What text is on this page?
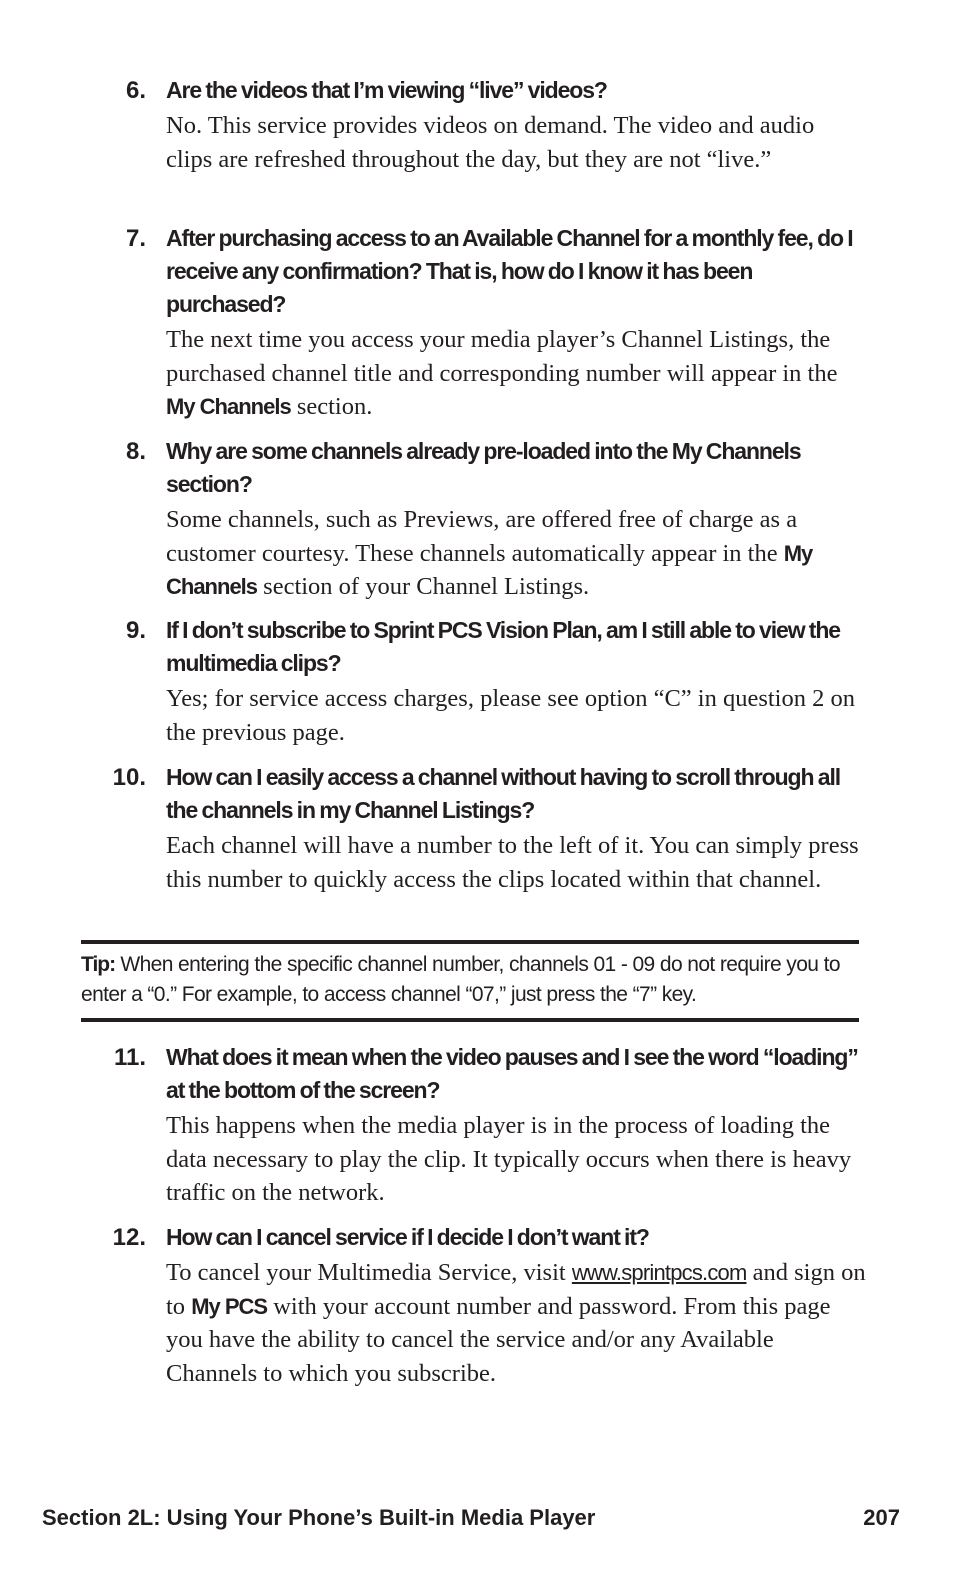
6. Are the videos that I’m viewing “live” videos?
No. This service provides videos on demand. The video and audio clips are refreshed throughout the day, but they are not “live.”
7. After purchasing access to an Available Channel for a monthly fee, do I receive any confirmation? That is, how do I know it has been purchased?
The next time you access your media player’s Channel Listings, the purchased channel title and corresponding number will appear in the My Channels section.
8. Why are some channels already pre-loaded into the My Channels section?
Some channels, such as Previews, are offered free of charge as a customer courtesy. These channels automatically appear in the My Channels section of your Channel Listings.
9. If I don’t subscribe to Sprint PCS Vision Plan, am I still able to view the multimedia clips?
Yes; for service access charges, please see option “C” in question 2 on the previous page.
10. How can I easily access a channel without having to scroll through all the channels in my Channel Listings?
Each channel will have a number to the left of it. You can simply press this number to quickly access the clips located within that channel.
Tip: When entering the specific channel number, channels 01 - 09 do not require you to enter a “0.” For example, to access channel “07,” just press the “7” key.
11. What does it mean when the video pauses and I see the word “loading” at the bottom of the screen?
This happens when the media player is in the process of loading the data necessary to play the clip. It typically occurs when there is heavy traffic on the network.
12. How can I cancel service if I decide I don’t want it?
To cancel your Multimedia Service, visit www.sprintpcs.com and sign on to My PCS with your account number and password. From this page you have the ability to cancel the service and/or any Available Channels to which you subscribe.
Section 2L: Using Your Phone’s Built-in Media Player	207
